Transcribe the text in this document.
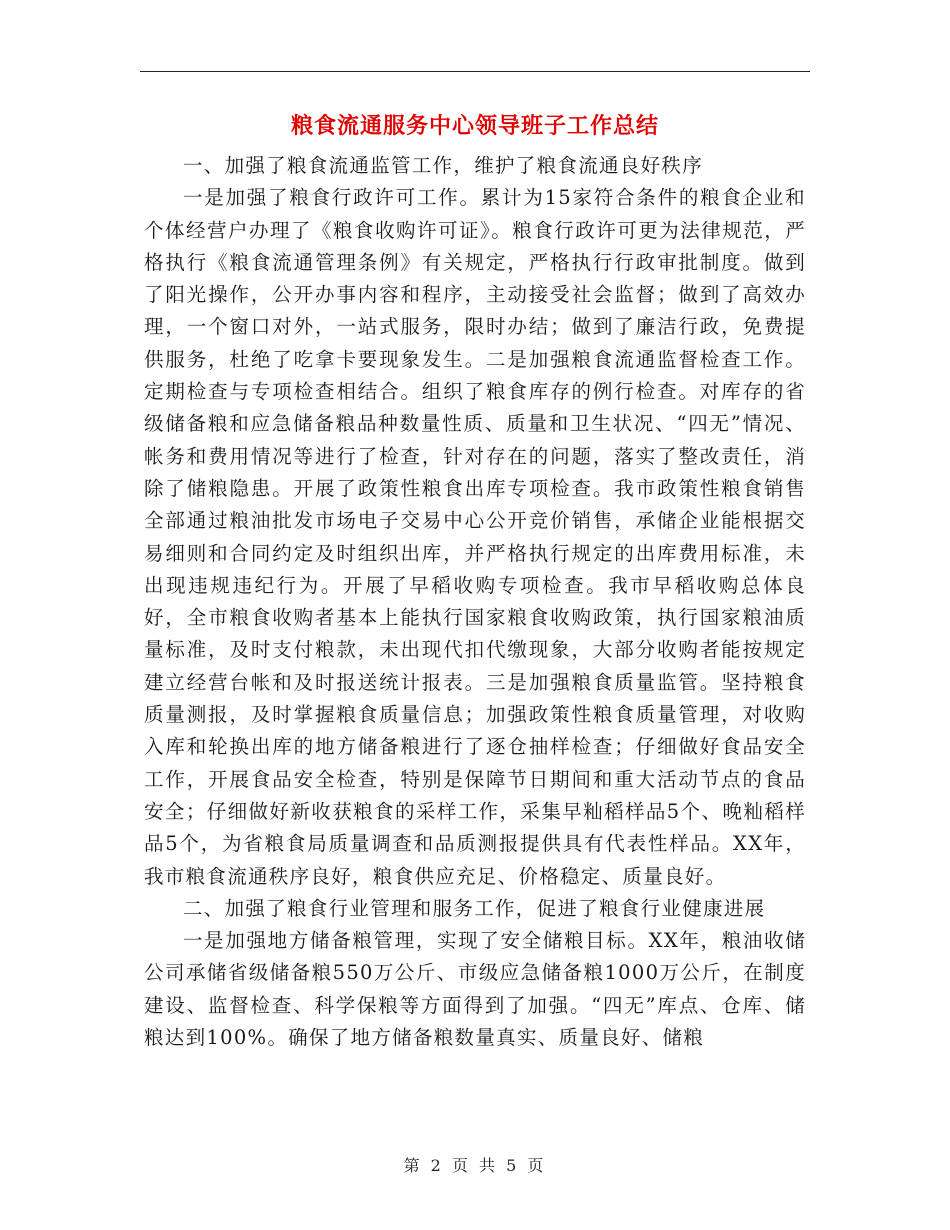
粮食流通服务中心领导班子工作总结

一、加强了粮食流通监管工作，维护了粮食流通良好秩序

一是加强了粮食行政许可工作。累计为15家符合条件的粮食企业和个体经营户办理了《粮食收购许可证》。粮食行政许可更为法律规范，严格执行《粮食流通管理条例》有关规定，严格执行行政审批制度。做到了阳光操作，公开办事内容和程序，主动接受社会监督；做到了高效办理，一个窗口对外，一站式服务，限时办结；做到了廉洁行政，免费提供服务，杜绝了吃拿卡要现象发生。二是加强粮食流通监督检查工作。定期检查与专项检查相结合。组织了粮食库存的例行检查。对库存的省级储备粮和应急储备粮品种数量性质、质量和卫生状况、“四无”情况、帐务和费用情况等进行了检查，针对存在的问题，落实了整改责任，消除了储粮隐患。开展了政策性粮食出库专项检查。我市政策性粮食销售全部通过粮油批发市场电子交易中心公开竞价销售，承储企业能根据交易细则和合同约定及时组织出库，并严格执行规定的出库费用标准，未出现违规违纪行为。开展了早稻收购专项检查。我市早稻收购总体良好，全市粮食收购者基本上能执行国家粮食收购政策，执行国家粮油质量标准，及时支付粮款，未出现代扣代缴现象，大部分收购者能按规定建立经营台帐和及时报送统计报表。三是加强粮食质量监管。坚持粮食质量测报，及时掌握粮食质量信息；加强政策性粮食质量管理，对收购入库和轮换出库的地方储备粮进行了逐仓抽样检查；仔细做好食品安全工作，开展食品安全检查，特别是保障节日期间和重大活动节点的食品安全；仔细做好新收获粮食的采样工作，采集早籼稻样品5个、晚籼稻样品5个，为省粮食局质量调查和品质测报提供具有代表性样品。XX年，我市粮食流通秩序良好，粮食供应充足、价格稳定、质量良好。

二、加强了粮食行业管理和服务工作，促进了粮食行业健康进展

一是加强地方储备粮管理，实现了安全储粮目标。XX年，粮油收储公司承储省级储备粮550万公斤、市级应急储备粮1000万公斤，在制度建设、监督检查、科学保粮等方面得到了加强。“四无”库点、仓库、储粮达到100%。确保了地方储备粮数量真实、质量良好、储粮

第 2 页 共 5 页
